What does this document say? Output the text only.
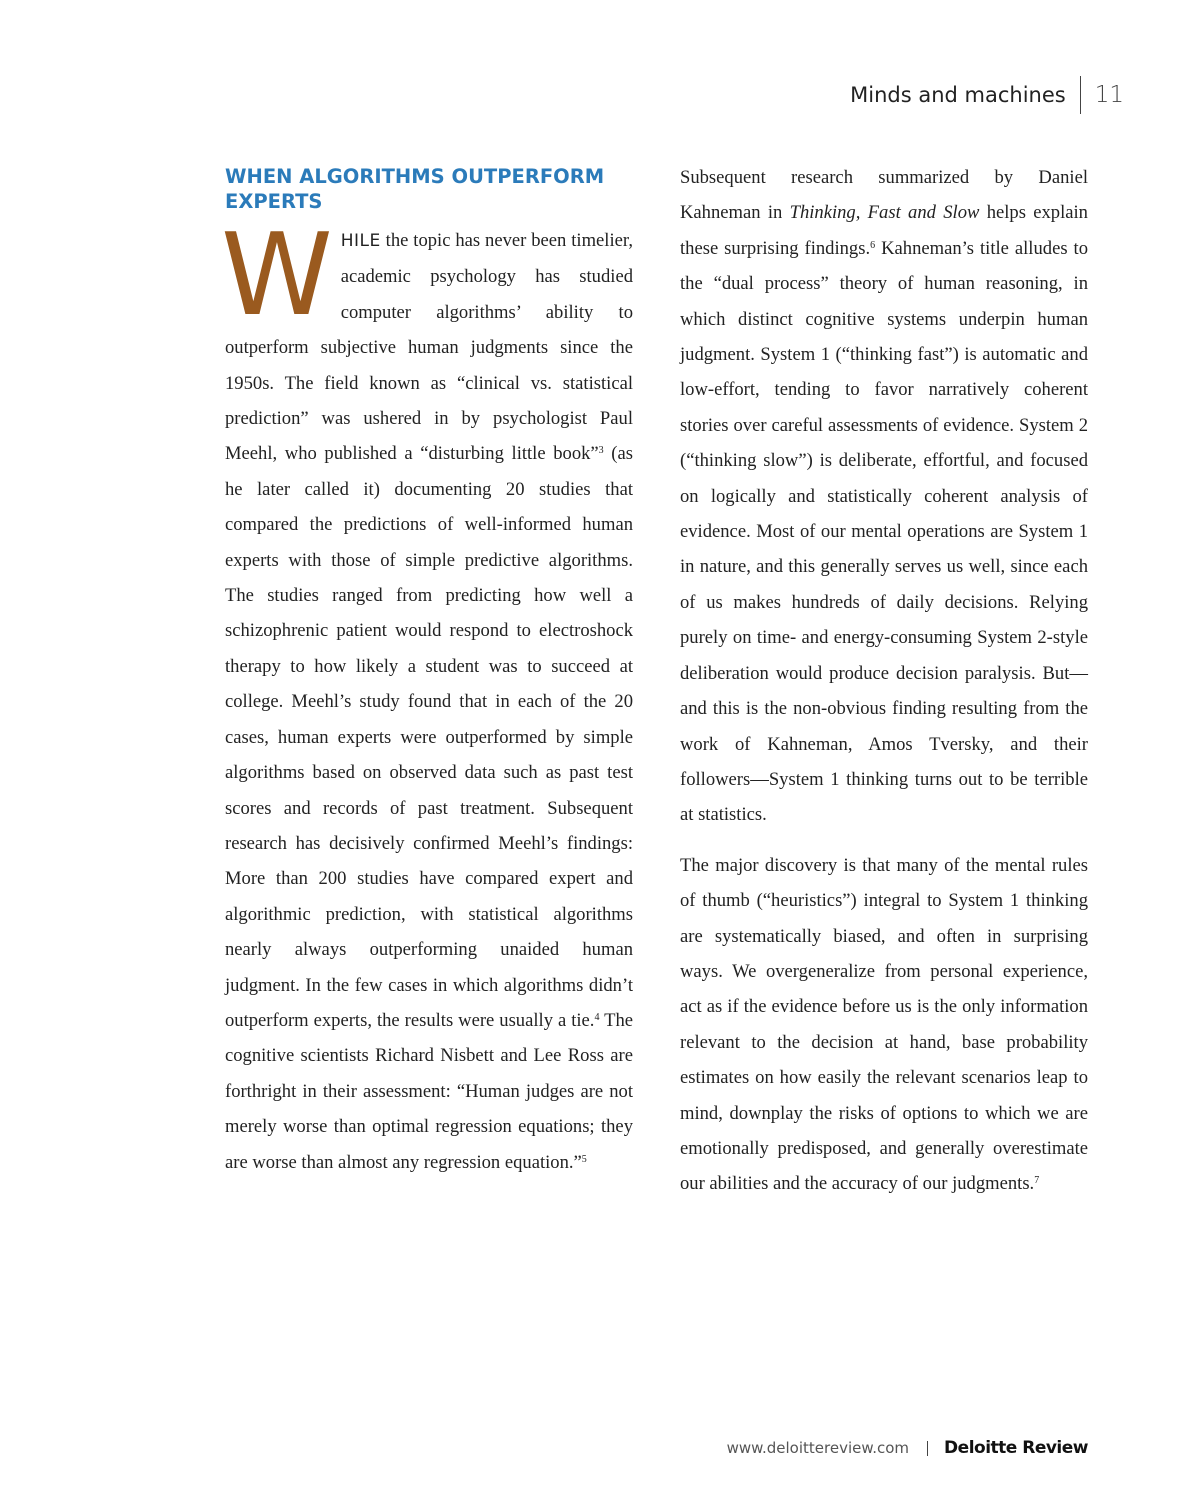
Minds and machines 11
WHEN ALGORITHMS OUTPERFORM EXPERTS

WHILE the topic has never been timelier, academic psychology has studied computer algorithms’ ability to outperform subjective human judgments since the 1950s. The field known as “clinical vs. statistical prediction” was ushered in by psychologist Paul Meehl, who published a “disturbing little book”$^3$ (as he later called it) documenting 20 studies that compared the predictions of well-informed human experts with those of simple predictive algorithms. The studies ranged from predicting how well a schizophrenic patient would respond to electroshock therapy to how likely a student was to succeed at college. Meehl’s study found that in each of the 20 cases, human experts were outperformed by simple algorithms based on observed data such as past test scores and records of past treatment. Subsequent research has decisively confirmed Meehl’s findings: More than 200 studies have compared expert and algorithmic prediction, with statistical algorithms nearly always outperforming unaided human judgment. In the few cases in which algorithms didn’t outperform experts, the results were usually a tie.$^4$ The cognitive scientists Richard Nisbett and Lee Ross are forthright in their assessment: “Human judges are not merely worse than optimal regression equations; they are worse than almost any regression equation.”$^5$

Subsequent research summarized by Daniel Kahneman in Thinking, Fast and Slow helps explain these surprising findings.$^6$ Kahneman’s title alludes to the “dual process” theory of human reasoning, in which distinct cognitive systems underpin human judgment. System 1 (“thinking fast”) is automatic and low-effort, tending to favor narratively coherent stories over careful assessments of evidence. System 2 (“thinking slow”) is deliberate, effortful, and focused on logically and statistically coherent analysis of evidence. Most of our mental operations are System 1 in nature, and this generally serves us well, since each of us makes hundreds of daily decisions. Relying purely on time- and energy-consuming System 2-style deliberation would produce decision paralysis. But—and this is the non-obvious finding resulting from the work of Kahneman, Amos Tversky, and their followers—System 1 thinking turns out to be terrible at statistics.

The major discovery is that many of the mental rules of thumb (“heuristics”) integral to System 1 thinking are systematically biased, and often in surprising ways. We overgeneralize from personal experience, act as if the evidence before us is the only information relevant to the decision at hand, base probability estimates on how easily the relevant scenarios leap to mind, downplay the risks of options to which we are emotionally predisposed, and generally overestimate our abilities and the accuracy of our judgments.$^7$

www.deloittereview.com Deloitte Review
